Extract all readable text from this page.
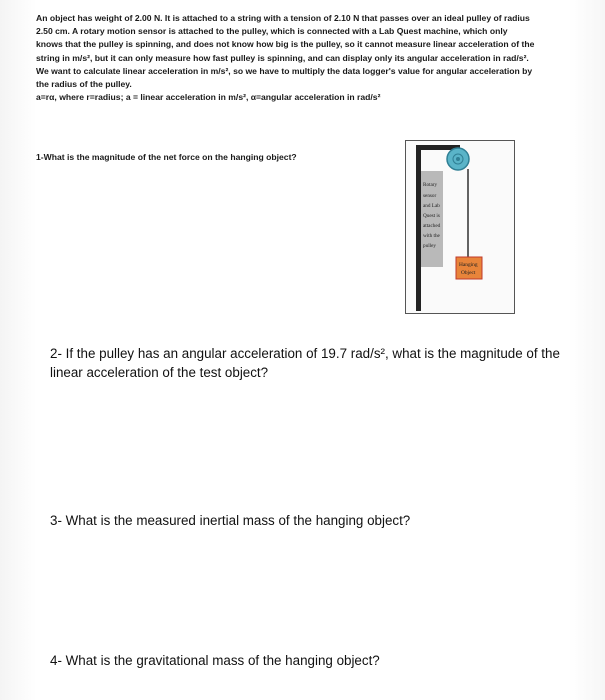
An object has weight of 2.00 N. It is attached to a string with a tension of 2.10 N that passes over an ideal pulley of radius 2.50 cm. A rotary motion sensor is attached to the pulley, which is connected with a Lab Quest machine, which only knows that the pulley is spinning, and does not know how big is the pulley, so it cannot measure linear acceleration of the string in m/s², but it can only measure how fast pulley is spinning, and can display only its angular acceleration in rad/s².

We want to calculate linear acceleration in m/s², so we have to multiply the data logger's value for angular acceleration by the radius of the pulley.

a=rα, where r=radius; a = linear acceleration in m/s², α=angular acceleration in rad/s²

1-What is the magnitude of the net force on the hanging object?
Rotary sensor and Lab Quest is attached with the pulley
Hanging Object
2- If the pulley has an angular acceleration of 19.7 rad/s², what is the magnitude of the linear acceleration of the test object?
3- What is the measured inertial mass of the hanging object?
4- What is the gravitational mass of the hanging object?
